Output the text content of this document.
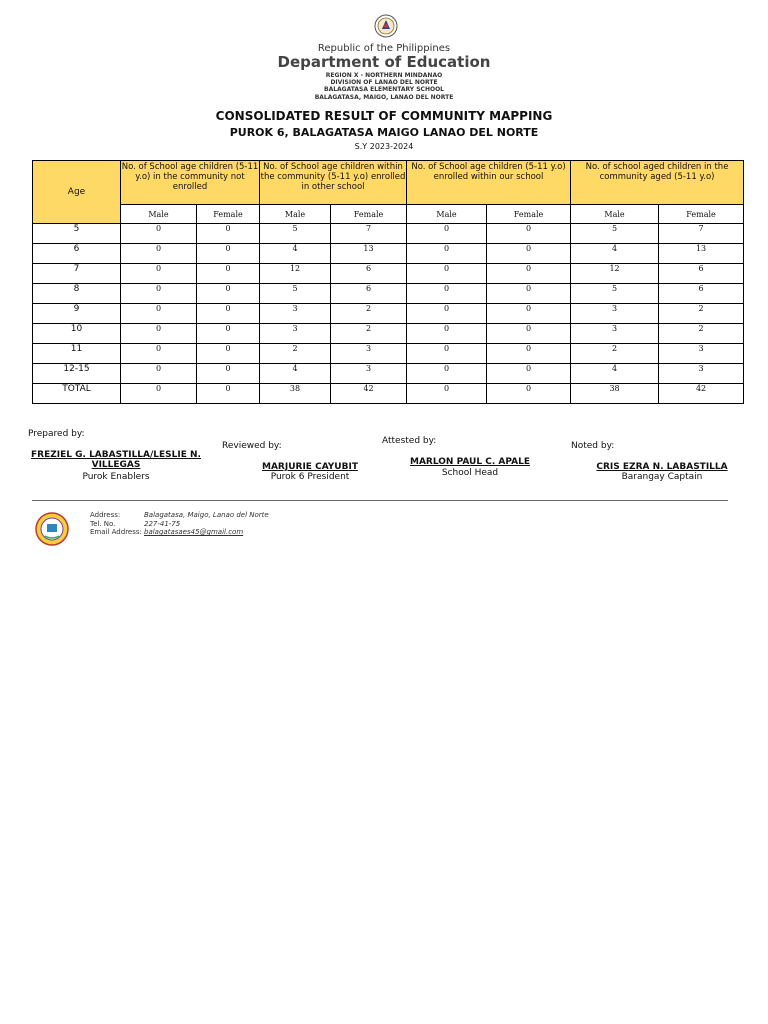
Republic of the Philippines
Department of Education
REGION X - NORTHERN MINDANAO
DIVISION OF LANAO DEL NORTE
BALAGATASA ELEMENTARY SCHOOL
BALAGATASA, MAIGO, LANAO DEL NORTE
CONSOLIDATED RESULT OF COMMUNITY MAPPING
PUROK 6, BALAGATASA MAIGO LANAO DEL NORTE
S.Y 2023-2024
Age	No. of School age children (5-11 y.o) in the community not enrolled		No. of School age children within the community (5-11 y.o) enrolled in other school		No. of School age children (5-11 y.o) enrolled within our school		No. of school aged children in the community aged (5-11 y.o)	
	Male	Female	Male	Female	Male	Female	Male	Female
5	0	0	5	7	0	0	5	7
6	0	0	4	13	0	0	4	13
7	0	0	12	6	0	0	12	6
8	0	0	5	6	0	0	5	6
9	0	0	3	2	0	0	3	2
10	0	0	3	2	0	0	3	2
11	0	0	2	3	0	0	2	3
12-15	0	0	4	3	0	0	4	3
TOTAL	0	0	38	42	0	0	38	42
Prepared by:
FREZIEL G. LABASTILLA/LESLIE N. VILLEGAS
Purok Enablers
Reviewed by:
MARJURIE CAYUBIT
Purok 6 President
Attested by:
MARLON PAUL C. APALE
School Head
Noted by:
CRIS EZRA N. LABASTILLA
Barangay Captain
Address:	Balagatasa, Maigo, Lanao del Norte
Tel. No.	227-41-75
Email Address: balagatasaes45@gmail.com
